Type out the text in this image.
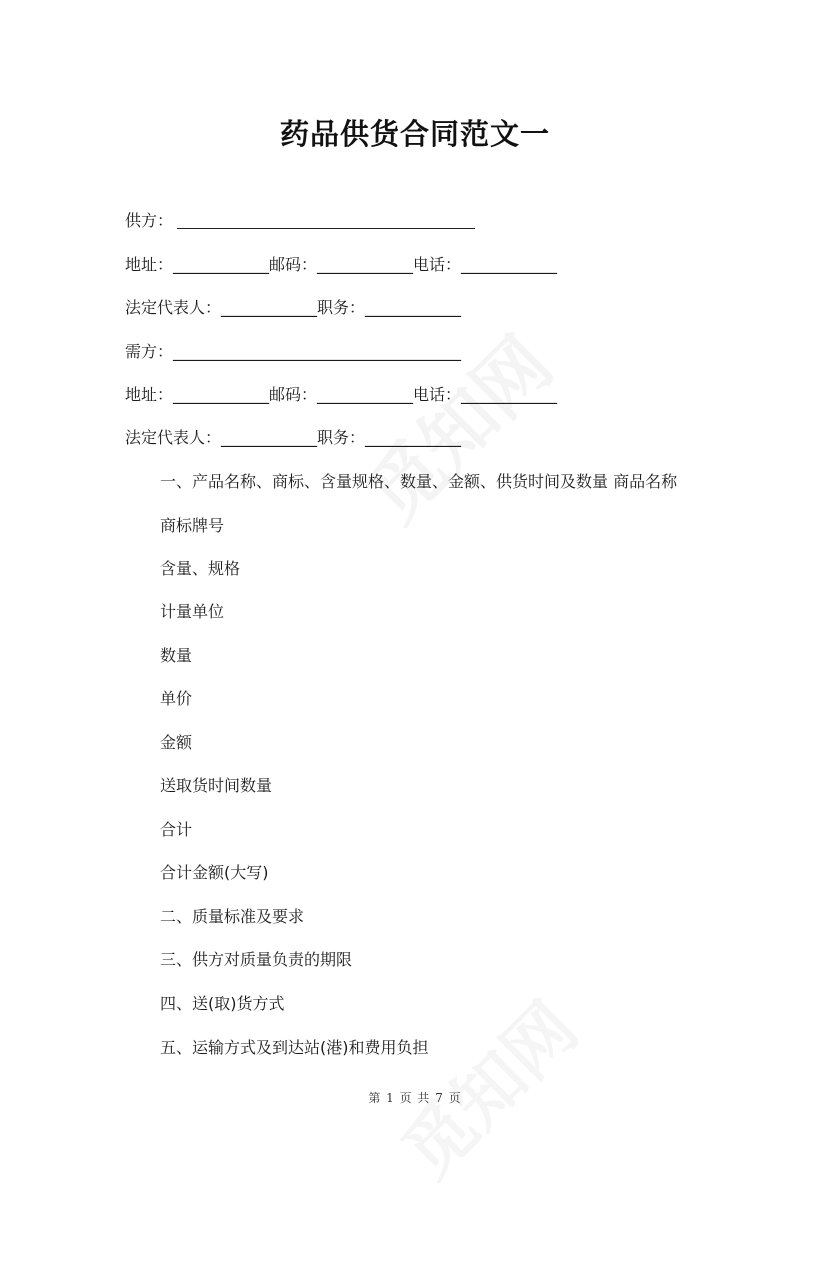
药品供货合同范文一
供方：
地址：____________邮码：____________电话：____________
法定代表人：____________职务：____________
需方：____________________________________
地址：____________邮码：____________电话：____________
法定代表人：____________职务：____________
一、产品名称、商标、含量规格、数量、金额、供货时间及数量 商品名称
商标牌号
含量、规格
计量单位
数量
单价
金额
送取货时间数量
合计
合计金额(大写)
二、质量标准及要求
三、供方对质量负责的期限
四、送(取)货方式
五、运输方式及到达站(港)和费用负担
第 1 页 共 7 页
